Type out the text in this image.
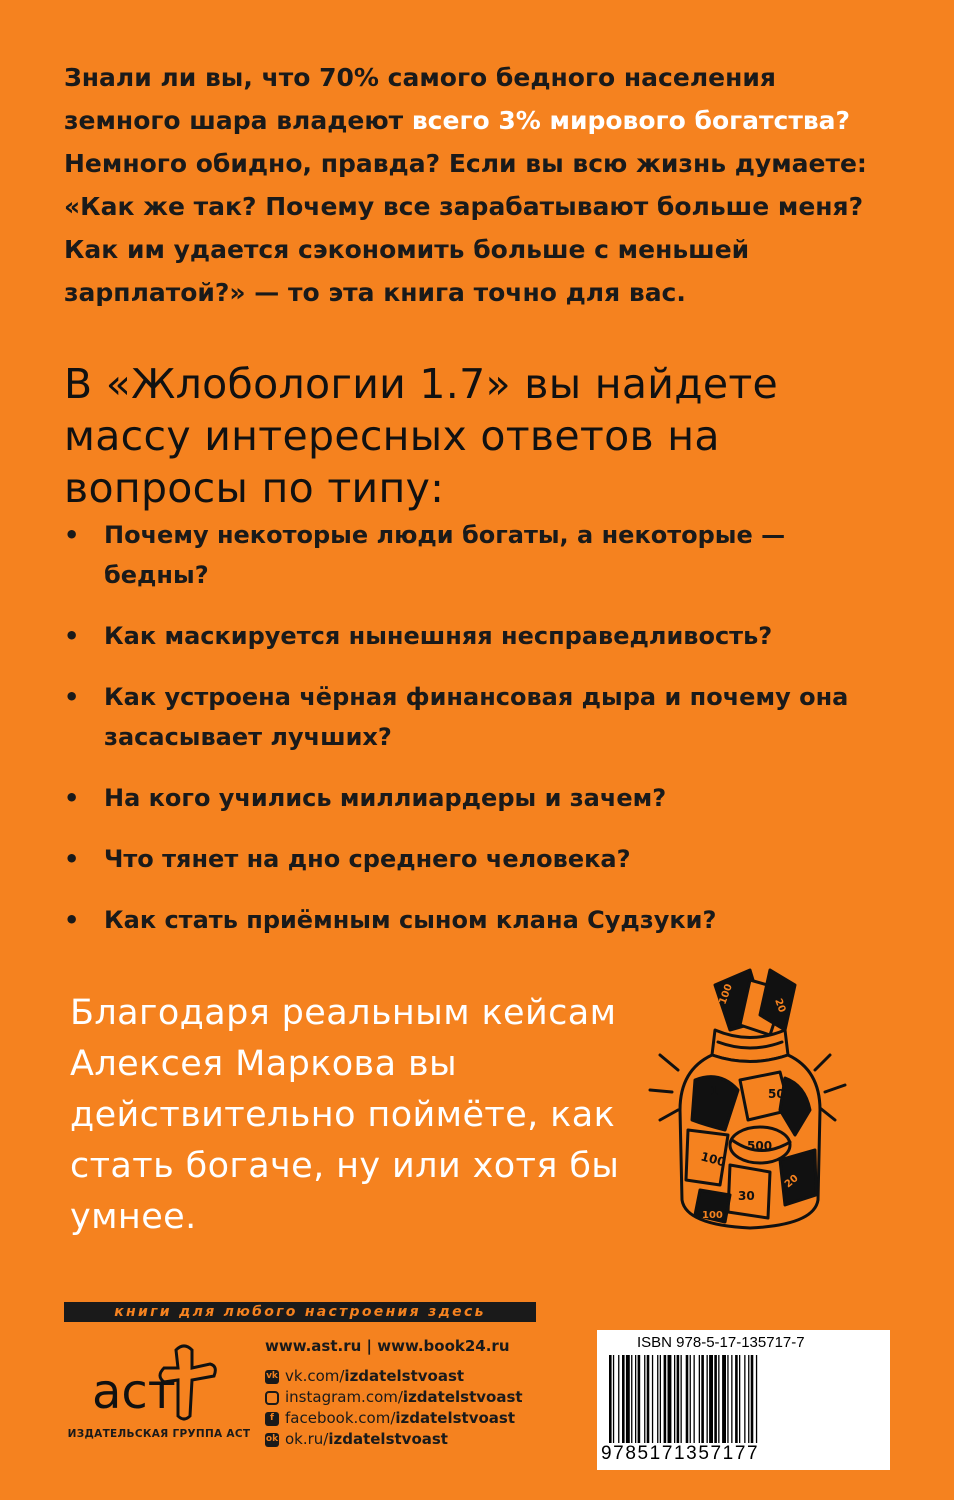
Знали ли вы, что 70% самого бедного населения земного шара владеют всего 3% мирового богатства? Немного обидно, правда? Если вы всю жизнь думаете: «Как же так? Почему все зарабатывают больше меня? Как им удается сэкономить больше с меньшей зарплатой?» — то эта книга точно для вас.

В «Жлобологии 1.7» вы найдете массу интересных ответов на вопросы по типу:
• Почему некоторые люди богаты, а некоторые — бедны?
• Как маскируется нынешняя несправедливость?
• Как устроена чёрная финансовая дыра и почему она засасывает лучших?
• На кого учились миллиардеры и зачем?
• Что тянет на дно среднего человека?
• Как стать приёмным сыном клана Судзуки?

Благодаря реальным кейсам Алексея Маркова вы действительно поймёте, как стать богаче, ну или хотя бы умнее.

50
100
500
30
1
20
100
100
20
книги для любого настроения здесь
аст
ИЗДАТЕЛЬСКАЯ ГРУППА АСТ
www.ast.ru | www.book24.ru
vk vk.com/ izdatelstvoast
instagram.com/ izdatelstvoast
f facebook.com/ izdatelstvoast
ok ok.ru/ izdatelstvoast
ISBN 978-5-17-135717-7
9785171357177
